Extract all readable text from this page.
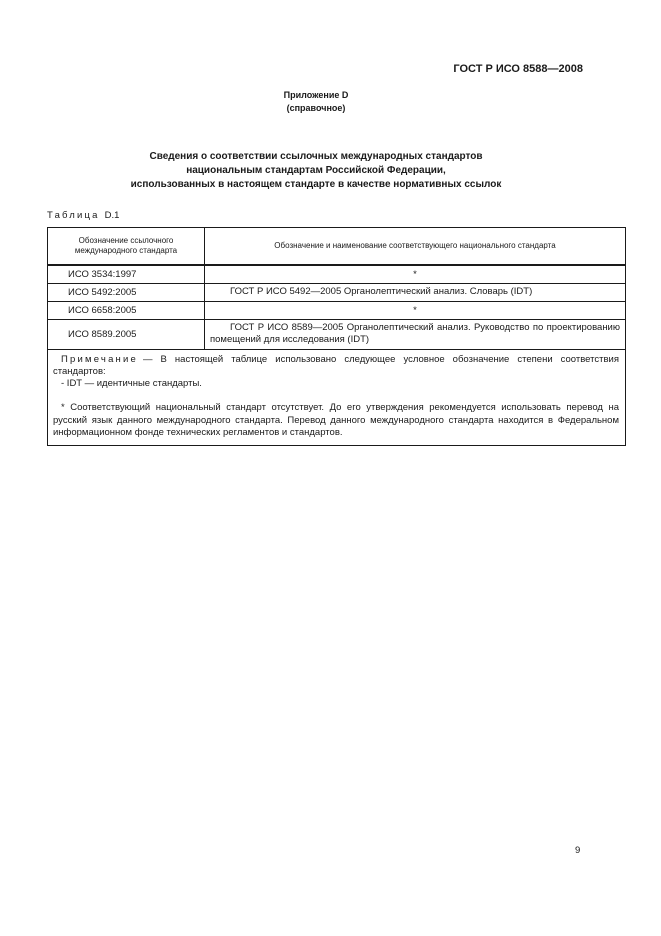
ГОСТ Р ИСО 8588—2008
Приложение D
(справочное)
Сведения о соответствии ссылочных международных стандартов
национальным стандартам Российской Федерации,
использованных в настоящем стандарте в качестве нормативных ссылок
Таблица D.1
Обозначение ссылочного международного стандарта	Обозначение и наименование соответствующего национального стандарта
ИСО 3534:1997	*
ИСО 5492:2005	ГОСТ Р ИСО 5492—2005 Органолептический анализ. Словарь (IDT)

ИСО 6658:2005	*
ИСО 8589.2005	ГОСТ Р ИСО 8589—2005 Органолептический анализ. Руководство по проектированию помещений для исследования (IDT)

Примечание — В настоящей таблице использовано следующее условное обозначение степени соответствия стандартов:

- IDT — идентичные стандарты.

* Соответствующий национальный стандарт отсутствует. До его утверждения рекомендуется использовать перевод на русский язык данного международного стандарта. Перевод данного международного стандарта находится в Федеральном информационном фонде технических регламентов и стандартов.	

9
